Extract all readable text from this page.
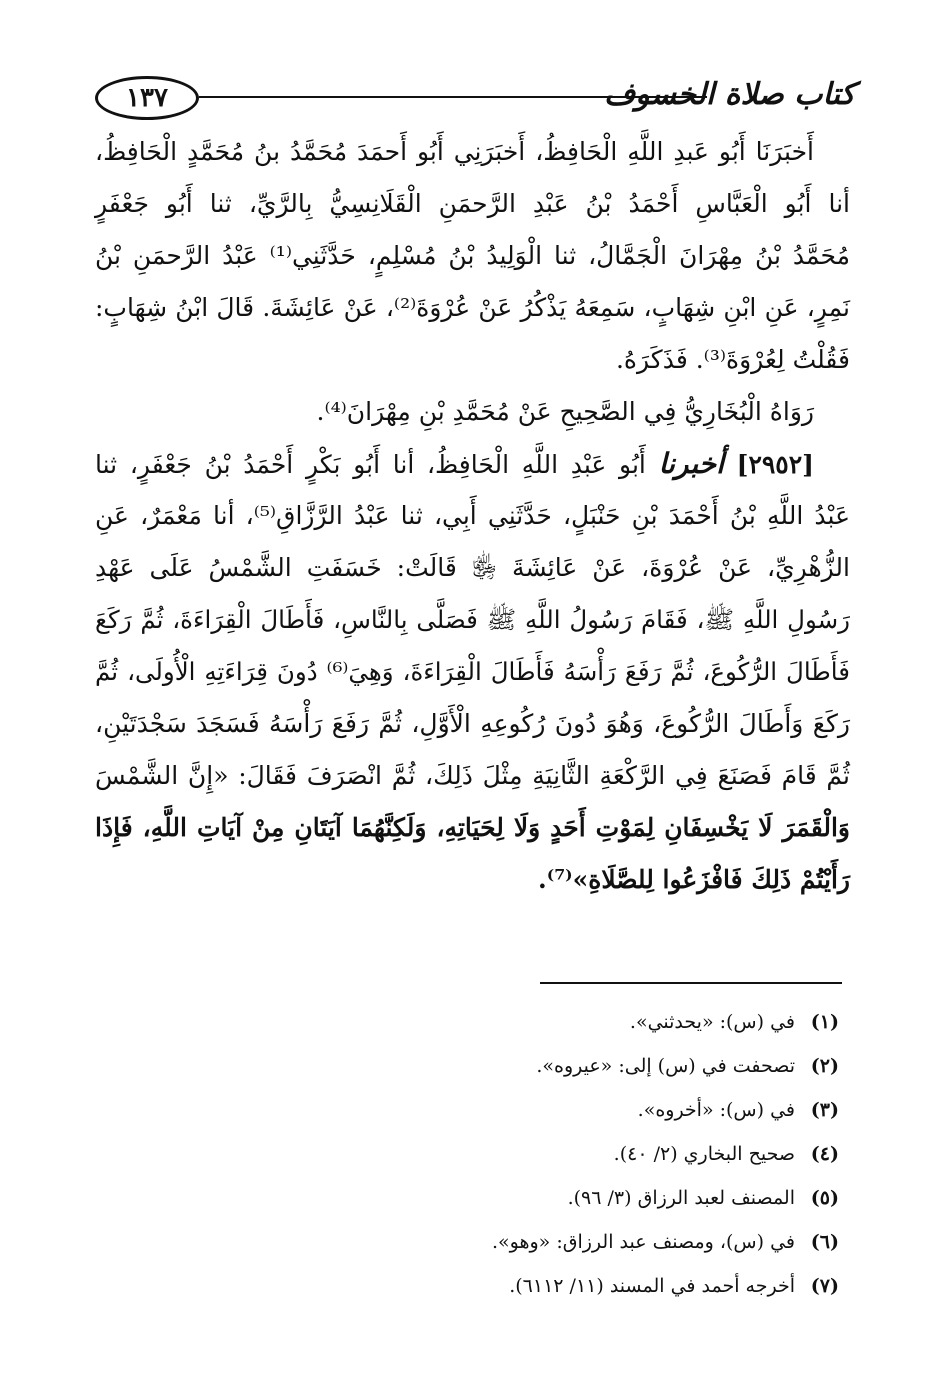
كتاب صلاة الخسوف
١٣٧
أَخبَرَنَا أَبُو عَبدِ اللَّهِ الْحَافِظُ، أَخبَرَنِي أَبُو أَحمَدَ مُحَمَّدُ بنُ مُحَمَّدٍ الْحَافِظُ،
أنا أَبُو الْعَبَّاسِ أَحْمَدُ بْنُ عَبْدِ الرَّحمَنِ الْقَلَانِسِيُّ بِالرَّيِّ، ثنا أَبُو جَعْفَرٍ
مُحَمَّدُ بْنُ مِهْرَانَ الْجَمَّالُ، ثنا الْوَلِيدُ بْنُ مُسْلِمٍ، حَدَّثَنِي⁽¹⁾ عَبْدُ الرَّحمَنِ بْنُ
نَمِرٍ، عَنِ ابْنِ شِهَابٍ، سَمِعَهُ يَذْكُرُ عَنْ عُرْوَةَ⁽²⁾، عَنْ عَائِشَةَ. قَالَ ابْنُ شِهَابٍ:
فَقُلْتُ لِعُرْوَةَ⁽³⁾. فَذَكَرَهُ.
رَوَاهُ الْبُخَارِيُّ فِي الصَّحِيحِ عَنْ مُحَمَّدِ بْنِ مِهْرَانَ⁽⁴⁾.
[٢٩٥٢] أخبرنا أَبُو عَبْدِ اللَّهِ الْحَافِظُ، أنا أَبُو بَكْرٍ أَحْمَدُ بْنُ جَعْفَرٍ، ثنا
عَبْدُ اللَّهِ بْنُ أَحْمَدَ بْنِ حَنْبَلٍ، حَدَّثَنِي أَبِي، ثنا عَبْدُ الرَّزَّاقِ⁽⁵⁾، أنا مَعْمَرٌ، عَنِ
الزُّهْرِيِّ، عَنْ عُرْوَةَ، عَنْ عَائِشَةَ ﵂ قَالَتْ: خَسَفَتِ الشَّمْسُ عَلَى عَهْدِ
رَسُولِ اللَّهِ ﷺ، فَقَامَ رَسُولُ اللَّهِ ﷺ فَصَلَّى بِالنَّاسِ، فَأَطَالَ الْقِرَاءَةَ، ثُمَّ رَكَعَ
فَأَطَالَ الرُّكُوعَ، ثُمَّ رَفَعَ رَأْسَهُ فَأَطَالَ الْقِرَاءَةَ، وَهِيَ⁽⁶⁾ دُونَ قِرَاءَتِهِ الْأُولَى، ثُمَّ
رَكَعَ وَأَطَالَ الرُّكُوعَ، وَهُوَ دُونَ رُكُوعِهِ الْأَوَّلِ، ثُمَّ رَفَعَ رَأْسَهُ فَسَجَدَ سَجْدَتَيْنِ،
ثُمَّ قَامَ فَصَنَعَ فِي الرَّكْعَةِ الثَّانِيَةِ مِثْلَ ذَلِكَ، ثُمَّ انْصَرَفَ فَقَالَ: «إِنَّ الشَّمْسَ
وَالْقَمَرَ لَا يَخْسِفَانِ لِمَوْتِ أَحَدٍ وَلَا لِحَيَاتِهِ، وَلَكِنَّهُمَا آيَتَانِ مِنْ آيَاتِ اللَّهِ، فَإِذَا
رَأَيْتُمْ ذَلِكَ فَافْزَعُوا لِلصَّلَاةِ»⁽⁷⁾.
(١)في (س): «يحدثني».
(٢)تصحفت في (س) إلى: «عيروه».
(٣)في (س): «أخروه».
(٤)صحيح البخاري (٢/ ٤٠).
(٥)المصنف لعبد الرزاق (٣/ ٩٦).
(٦)في (س)، ومصنف عبد الرزاق: «وهو».
(٧)أخرجه أحمد في المسند (١١/ ٦١١٢).
